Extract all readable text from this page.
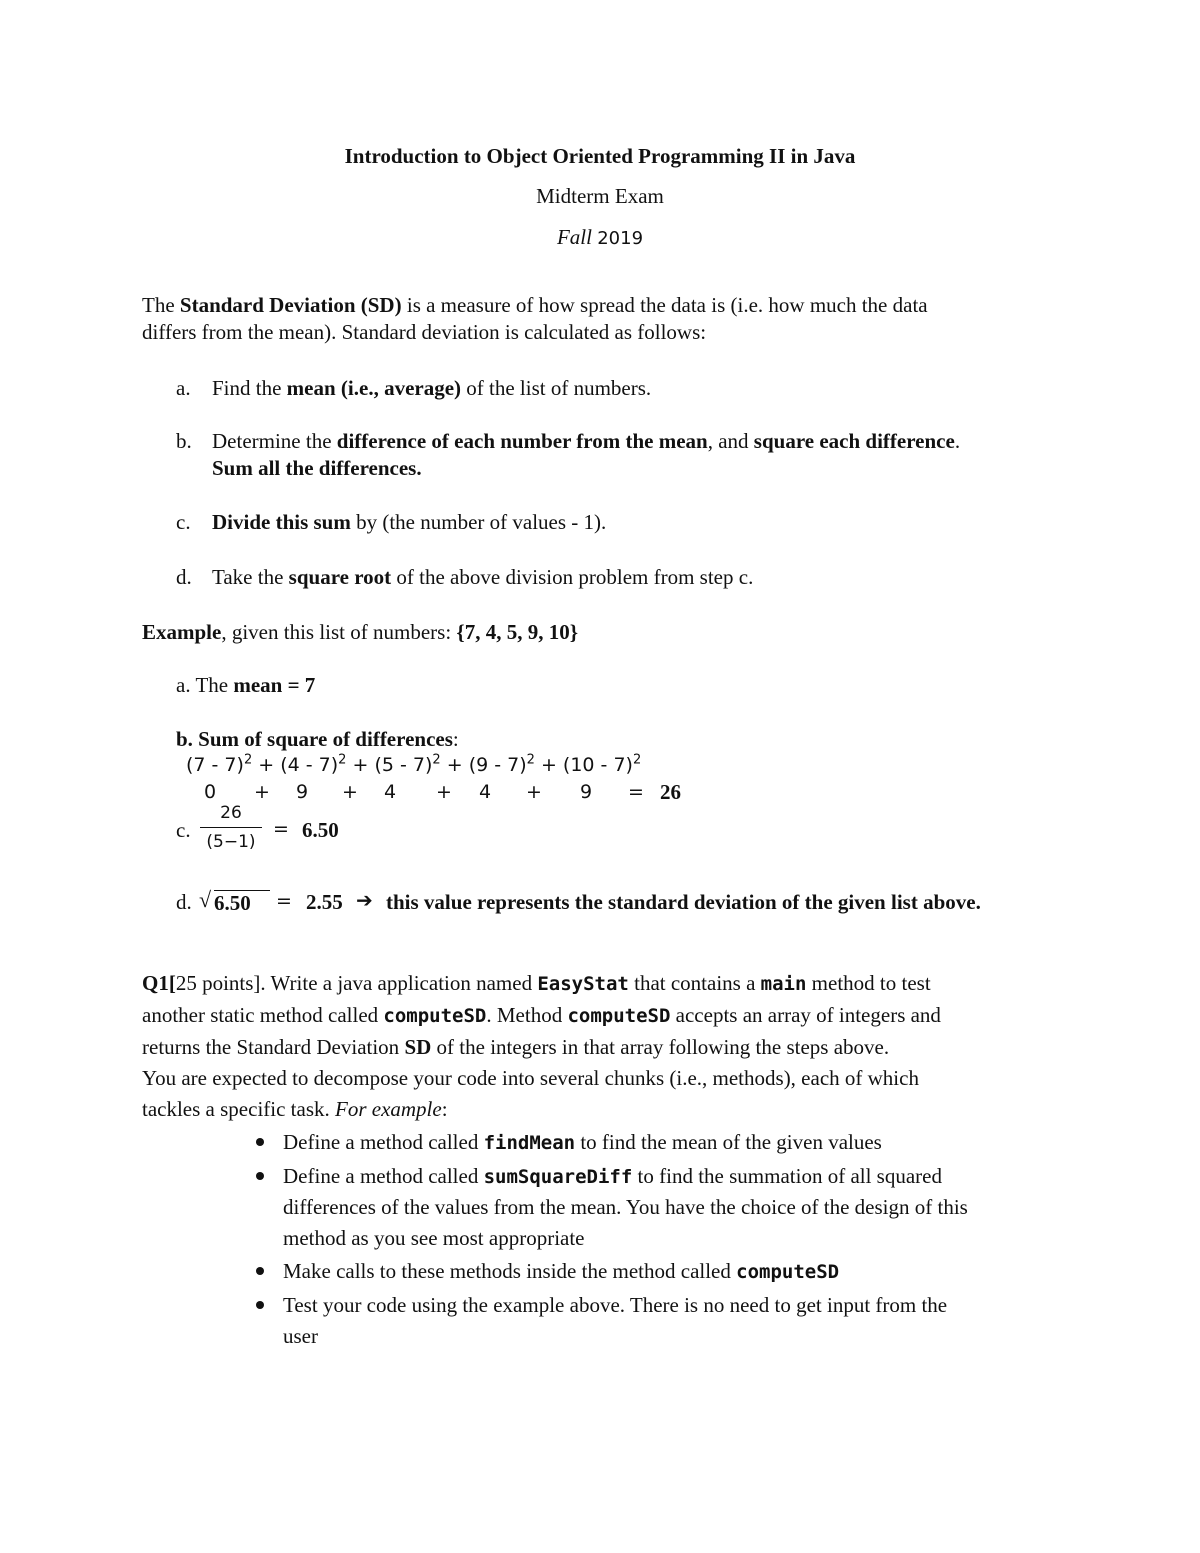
Introduction to Object Oriented Programming II in Java
Midterm Exam
Fall 2019
The Standard Deviation (SD) is a measure of how spread the data is (i.e. how much the data
differs from the mean). Standard deviation is calculated as follows:
a. Find the mean (i.e., average) of the list of numbers.
b. Determine the difference of each number from the mean, and square each difference.
Sum all the differences.
c. Divide this sum by (the number of values - 1).
d. Take the square root of the above division problem from step c.
Example, given this list of numbers: {7, 4, 5, 9, 10}
a. The mean = 7
b. Sum of square of differences:
(7 - 7)$^2$ + (4 - 7)$^2$ + (5 - 7)$^2$ + (9 - 7)$^2$ + (10 - 7)$^2$
0 + 9 + 4 + 4 + 9 = 26
c.
26
(5−1)
= 6.50
d. √ 6.50	= 2.55 ➔ this value represents the standard deviation of the given list above.
Q1[25 points]. Write a java application named EasyStat that contains a main method to test
another static method called computeSD. Method computeSD accepts an array of integers and
returns the Standard Deviation SD of the integers in that array following the steps above.
You are expected to decompose your code into several chunks (i.e., methods), each of which
tackles a specific task. For example:
Define a method called findMean to find the mean of the given values
Define a method called sumSquareDiff to find the summation of all squared
differences of the values from the mean. You have the choice of the design of this
method as you see most appropriate
Make calls to these methods inside the method called computeSD
Test your code using the example above. There is no need to get input from the
user
